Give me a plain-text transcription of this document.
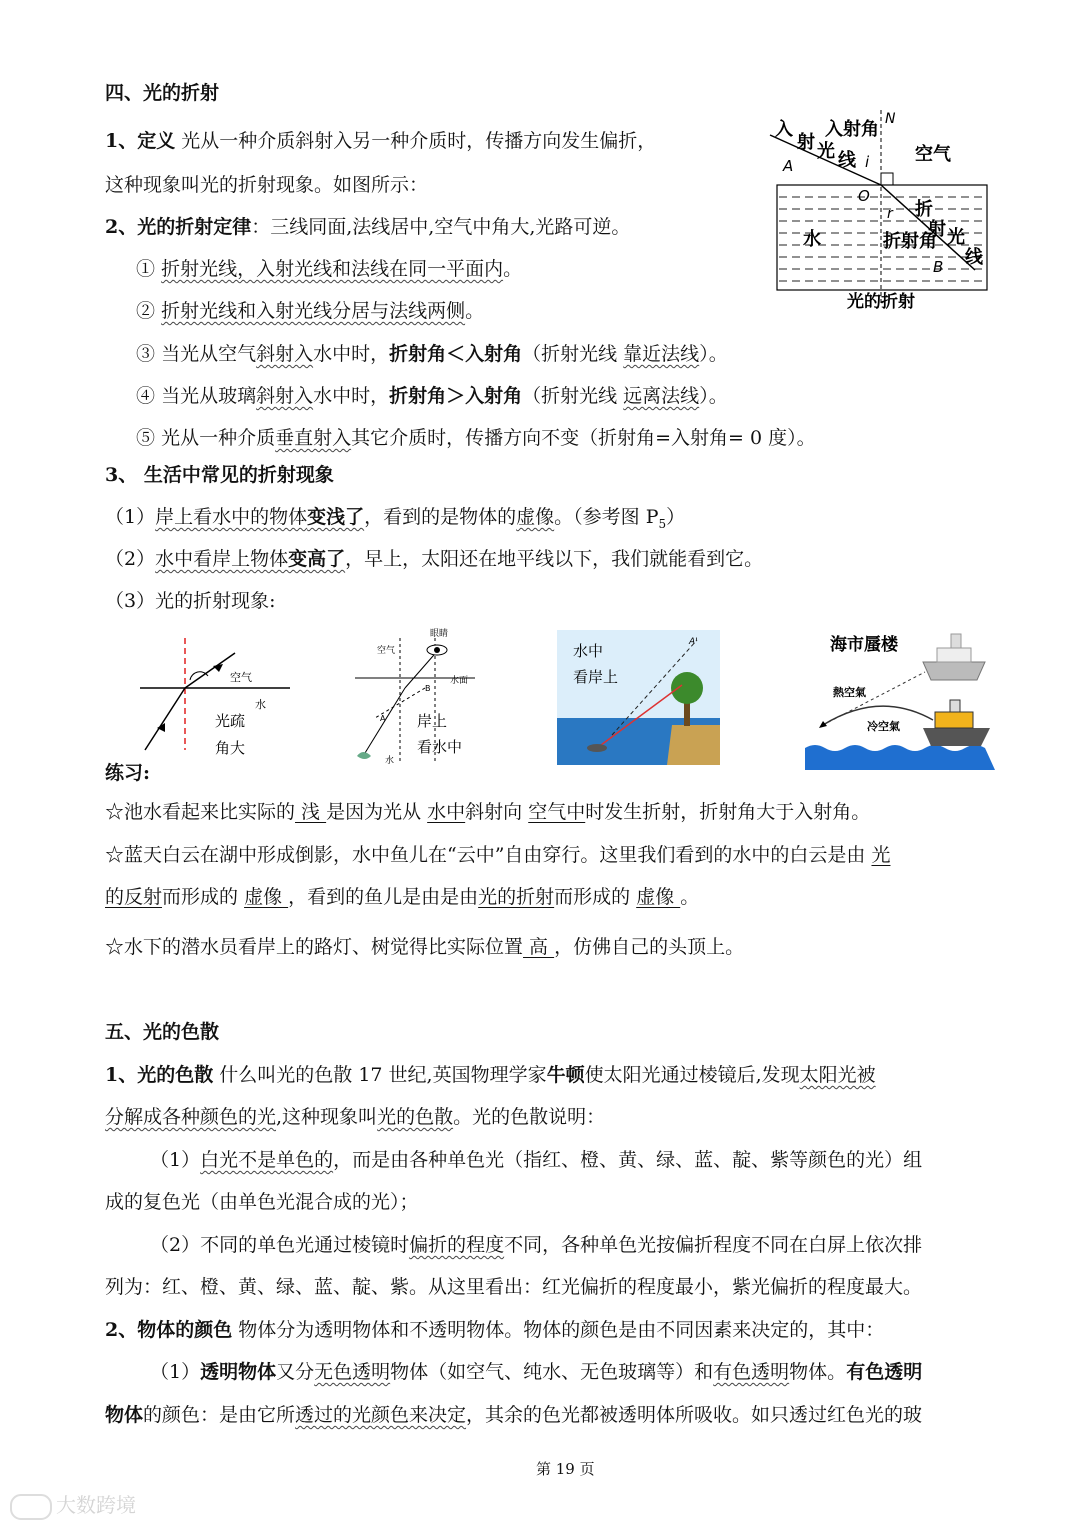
四、光的折射
1、定义 光从一种介质斜射入另一种介质时，传播方向发生偏折，
这种现象叫光的折射现象。如图所示：
2、光的折射定律：三线同面,法线居中,空气中角大,光路可逆。
① 折射光线，入射光线和法线在同一平面内。
② 折射光线和入射光线分居与法线两侧。
③ 当光从空气斜射入水中时，折射角＜入射角（折射光线 靠近法线）。
④ 当光从玻璃斜射入水中时，折射角＞入射角（折射光线 远离法线）。
⑤ 光从一种介质垂直射入其它介质时，传播方向不变（折射角=入射角= 0 度）。
3、 生活中常见的折射现象
（1）岸上看水中的物体变浅了，看到的是物体的虚像。（参考图 $P_5$）
（2）水中看岸上物体变高了，早上，太阳还在地平线以下，我们就能看到它。
（3）光的折射现象:
入
射 光 线
入射角 N
空气
A	i
O
r
水
折
射 光
线
折射角
B
光的折射
空气
水
光疏
角大
空气
眼睛
水面
水
B
A 岸上
看水中
水中
看岸上
A'	海市蜃楼
熱空氣
冷空氣
练习:
☆池水看起来比实际的 浅 是因为光从 水中斜射向 空气中时发生折射，折射角大于入射角。
☆蓝天白云在湖中形成倒影，水中鱼儿在“云中”自由穿行。这里我们看到的水中的白云是由 光
的反射而形成的 虚像 ，看到的鱼儿是由是由光的折射而形成的 虚像 。
☆水下的潜水员看岸上的路灯、树觉得比实际位置 高 ，仿佛自己的头顶上。
五、光的色散
1、光的色散 什么叫光的色散 17 世纪,英国物理学家牛顿使太阳光通过棱镜后,发现太阳光被
分解成各种颜色的光,这种现象叫光的色散。光的色散说明：
（1）白光不是单色的，而是由各种单色光（指红、橙、黄、绿、蓝、靛、紫等颜色的光）组
成的复色光（由单色光混合成的光）；
（2）不同的单色光通过棱镜时偏折的程度不同，各种单色光按偏折程度不同在白屏上依次排
列为：红、橙、黄、绿、蓝、靛、紫。从这里看出：红光偏折的程度最小，紫光偏折的程度最大。
2、物体的颜色 物体分为透明物体和不透明物体。物体的颜色是由不同因素来决定的，其中：
（1）透明物体又分无色透明物体（如空气、纯水、无色玻璃等）和有色透明物体。有色透明
物体的颜色：是由它所透过的光颜色来决定，其余的色光都被透明体所吸收。如只透过红色光的玻
第 19 页
大数跨境
